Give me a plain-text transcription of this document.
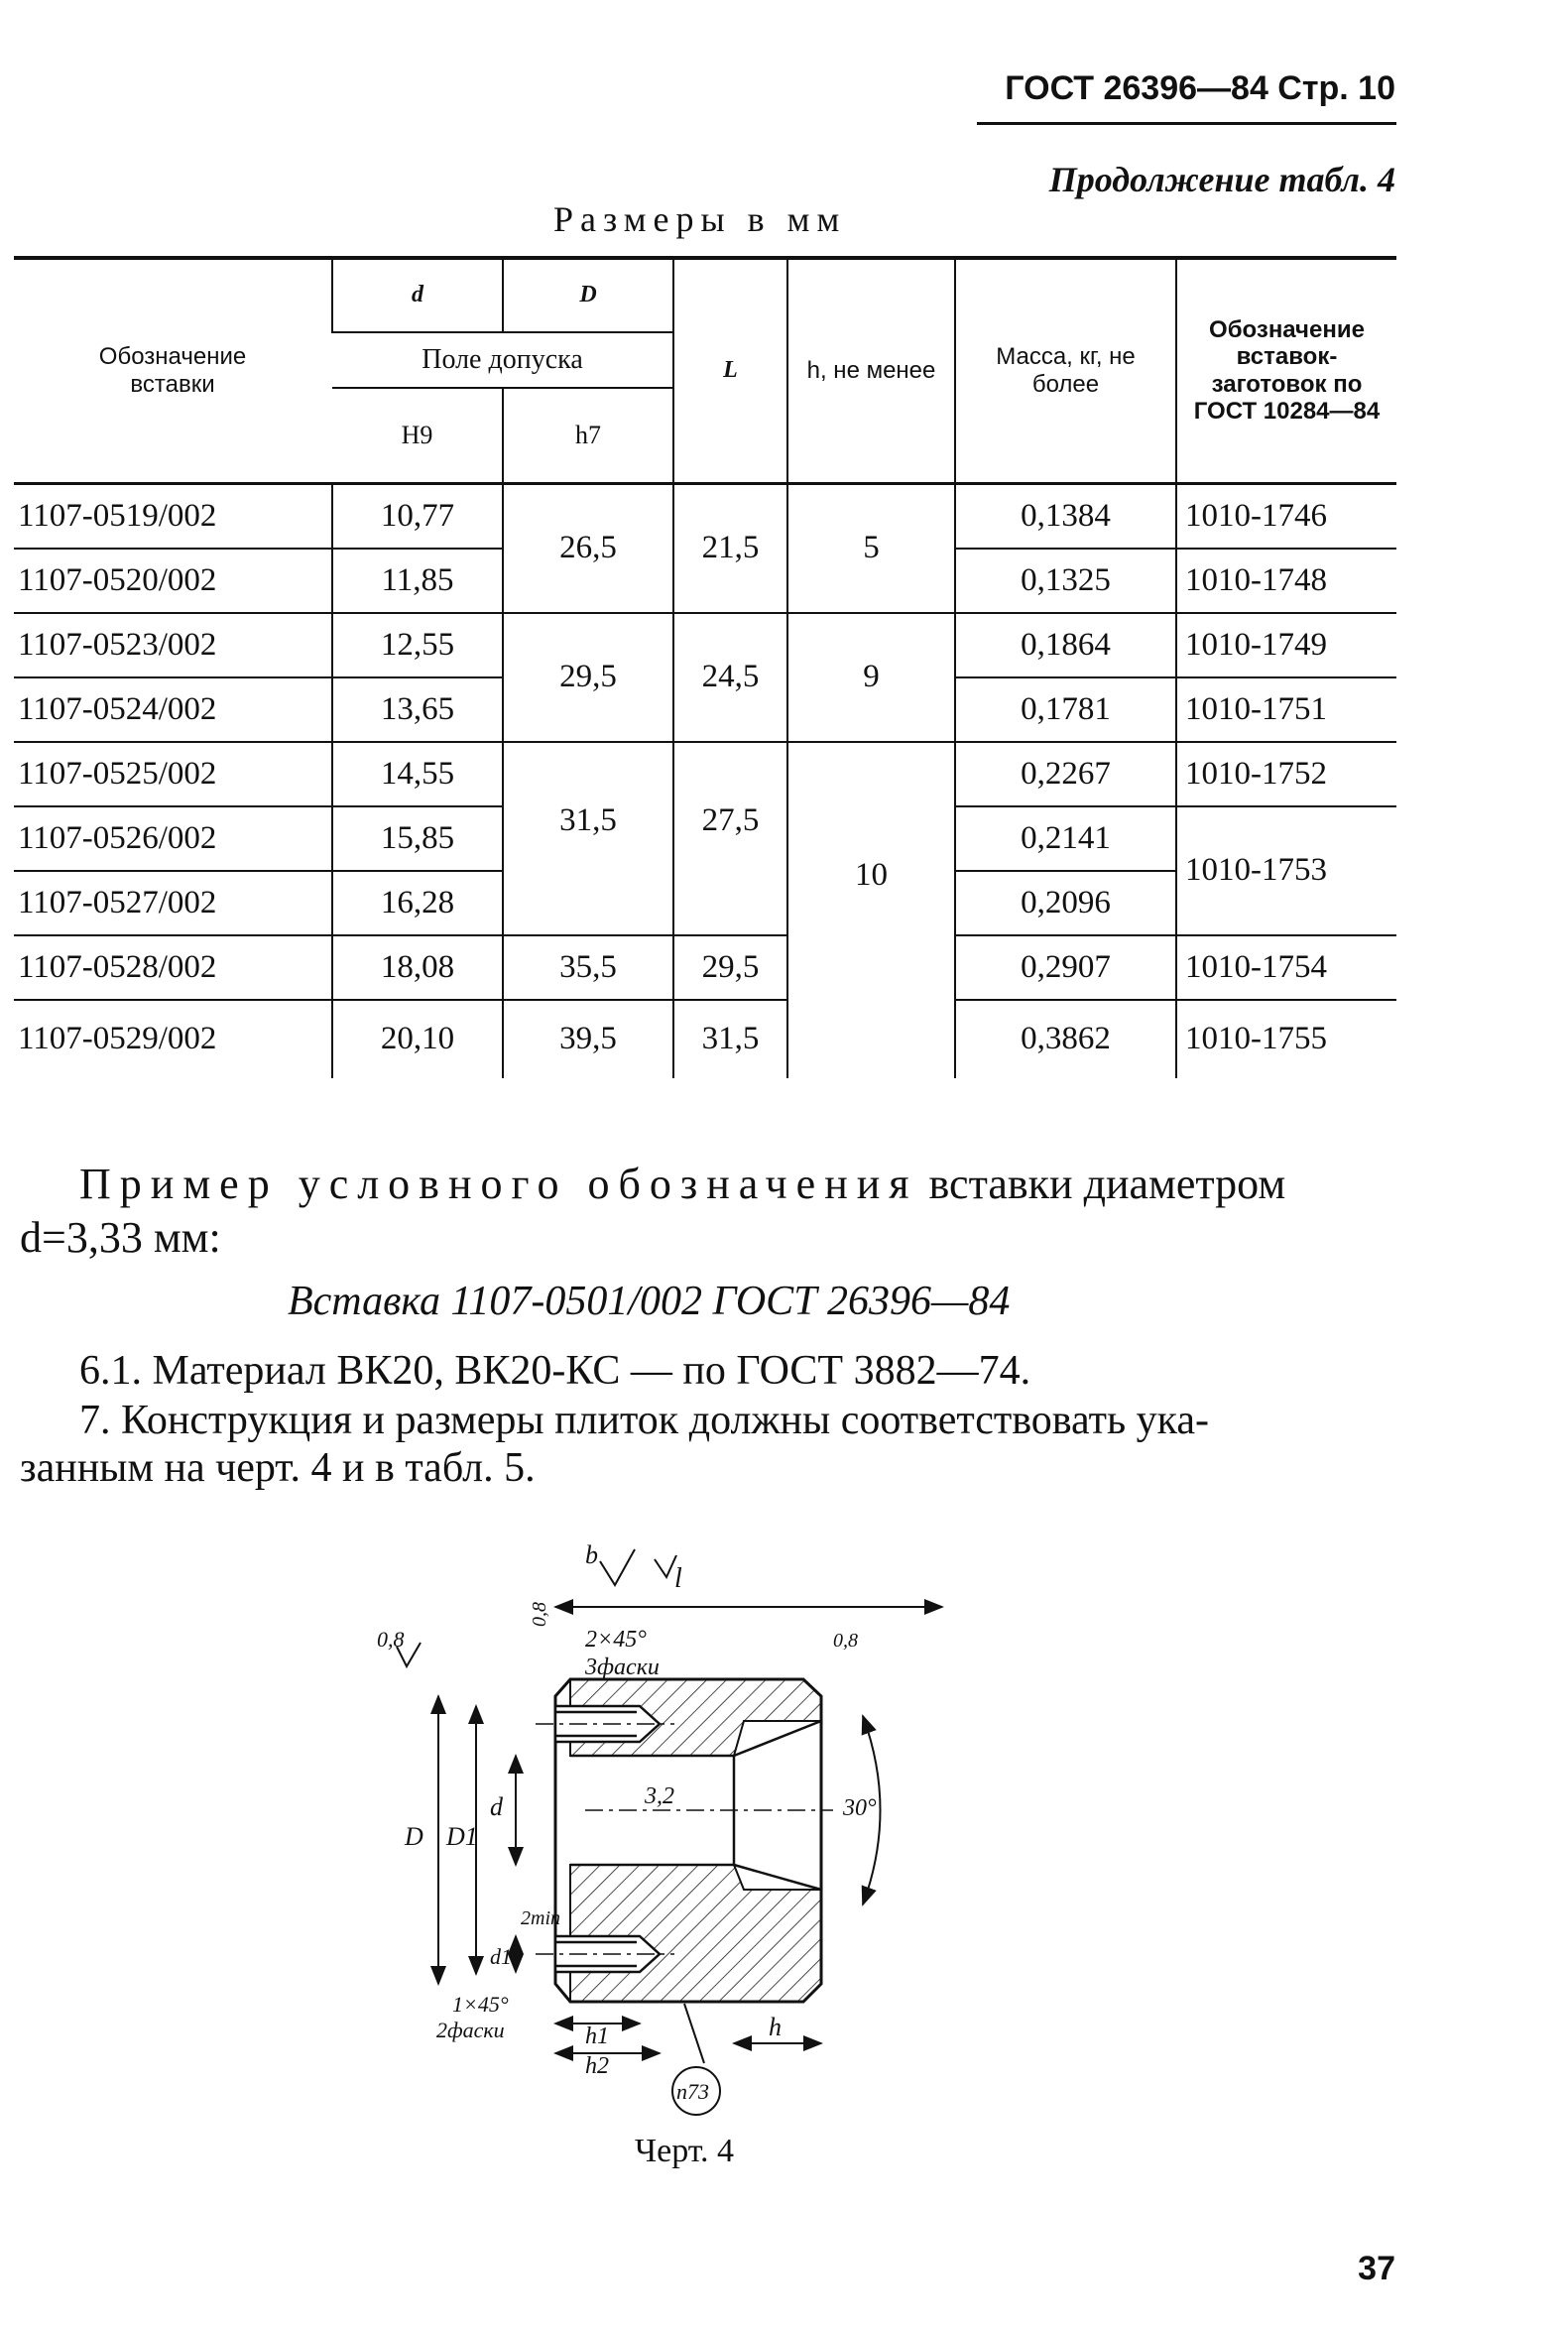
ГОСТ 26396—84 Стр. 10
Продолжение табл. 4
Размеры в мм
Обозначение вставки	d	D	L	h, не менее	Масса, кг, не более	Обозначение вставок-заготовок по ГОСТ 10284—84
	Поле допуска					
	H9	h7				
1107-0519/002	10,77	26,5	21,5	5	0,1384	1010-1746
1107-0520/002	11,85				0,1325	1010-1748
1107-0523/002	12,55	29,5	24,5	9	0,1864	1010-1749
1107-0524/002	13,65				0,1781	1010-1751
1107-0525/002	14,55	31,5	27,5	10	0,2267	1010-1752
1107-0526/002	15,85				0,2141	1010-1753
1107-0527/002	16,28				0,2096	
1107-0528/002	18,08	35,5	29,5		0,2907	1010-1754
1107-0529/002	20,10	39,5	31,5		0,3862	1010-1755
Пример условного обозначения вставки диаметром
d=3,33 мм:
Вставка 1107-0501/002 ГОСТ 26396—84
6.1. Материал ВК20, ВК20-КС — по ГОСТ 3882—74.
7. Конструкция и размеры плиток должны соответствовать ука-
занным на черт. 4 и в табл. 5.
l
b
2×45°
3фаски
0,8
0,8
0,8
3,2	30°
D D1
d
d1
2min
1×45°
2фаски	h1
h2
h
п73
Черт. 4
37
